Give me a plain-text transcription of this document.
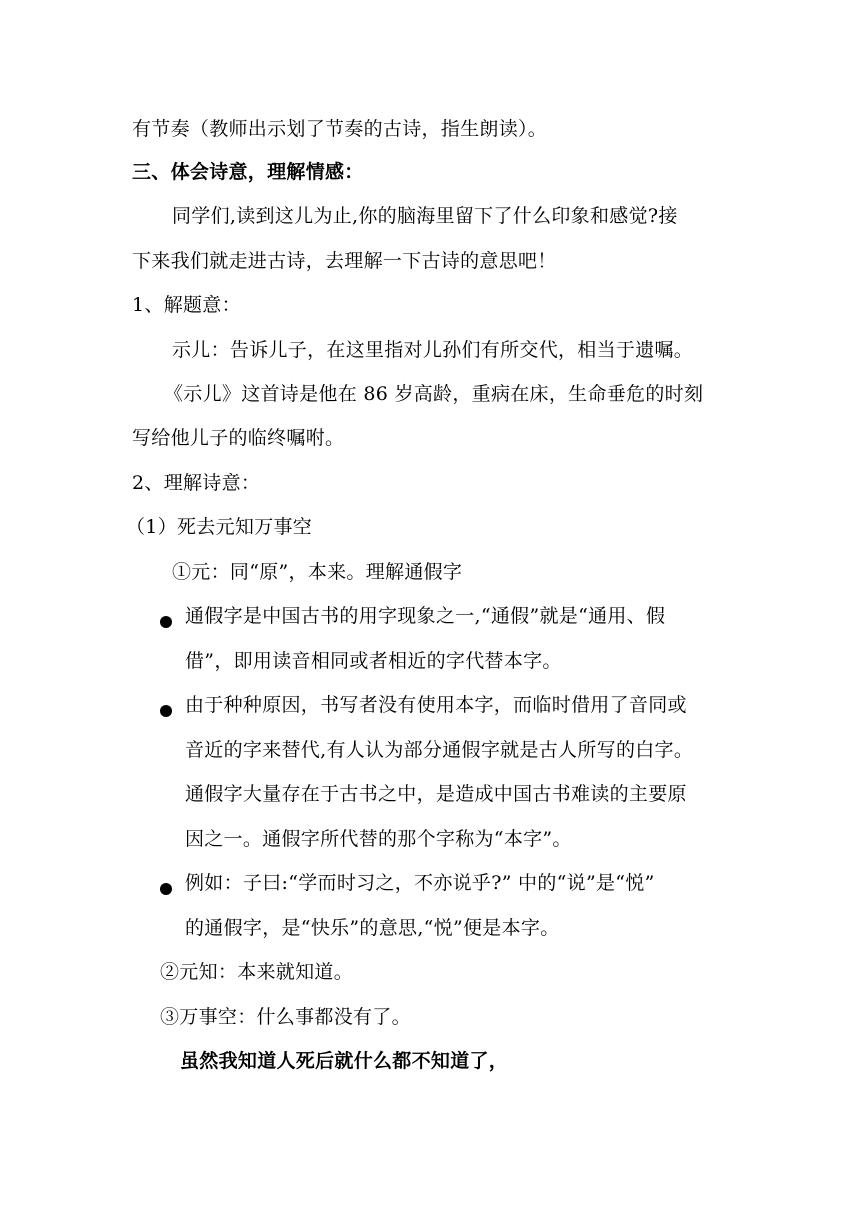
有节奏（教师出示划了节奏的古诗，指生朗读）。
三、体会诗意，理解情感：
同学们,读到这儿为止,你的脑海里留下了什么印象和感觉?接
下来我们就走进古诗，去理解一下古诗的意思吧！
1、解题意：
示儿：告诉儿子，在这里指对儿孙们有所交代，相当于遗嘱。
《示儿》这首诗是他在 86 岁高龄，重病在床，生命垂危的时刻
写给他儿子的临终嘱咐。
2、理解诗意：
（1）死去元知万事空
①元：同“原”，本来。理解通假字
通假字是中国古书的用字现象之一,“通假”就是“通用、假
借”，即用读音相同或者相近的字代替本字。
由于种种原因，书写者没有使用本字，而临时借用了音同或
音近的字来替代,有人认为部分通假字就是古人所写的白字。
通假字大量存在于古书之中，是造成中国古书难读的主要原
因之一。通假字所代替的那个字称为“本字”。
例如：子曰:“学而时习之，不亦说乎?” 中的“说”是“悦”
的通假字，是“快乐”的意思,“悦”便是本字。
②元知：本来就知道。
③万事空：什么事都没有了。
虽然我知道人死后就什么都不知道了，
